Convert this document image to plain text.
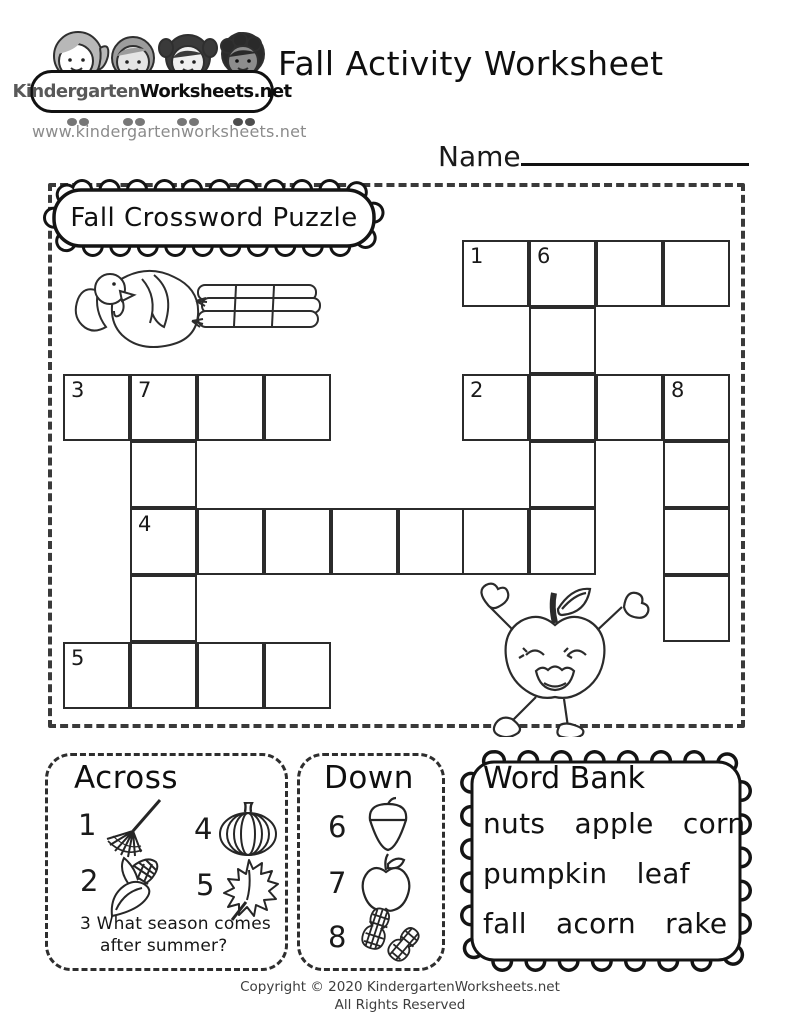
Kindergarten Worksheets.net
www.kindergartenworksheets.net
Fall Activity Worksheet
Name
Fall Crossword Puzzle
1	6
2	8
3	7
4
5
Across
1	4
2	5
3 What season comes
after summer?
Down
6
7
8
Word Bank
nuts apple corn
pumpkin leaf
fall acorn rake
Copyright © 2020 KindergartenWorksheets.net
All Rights Reserved
